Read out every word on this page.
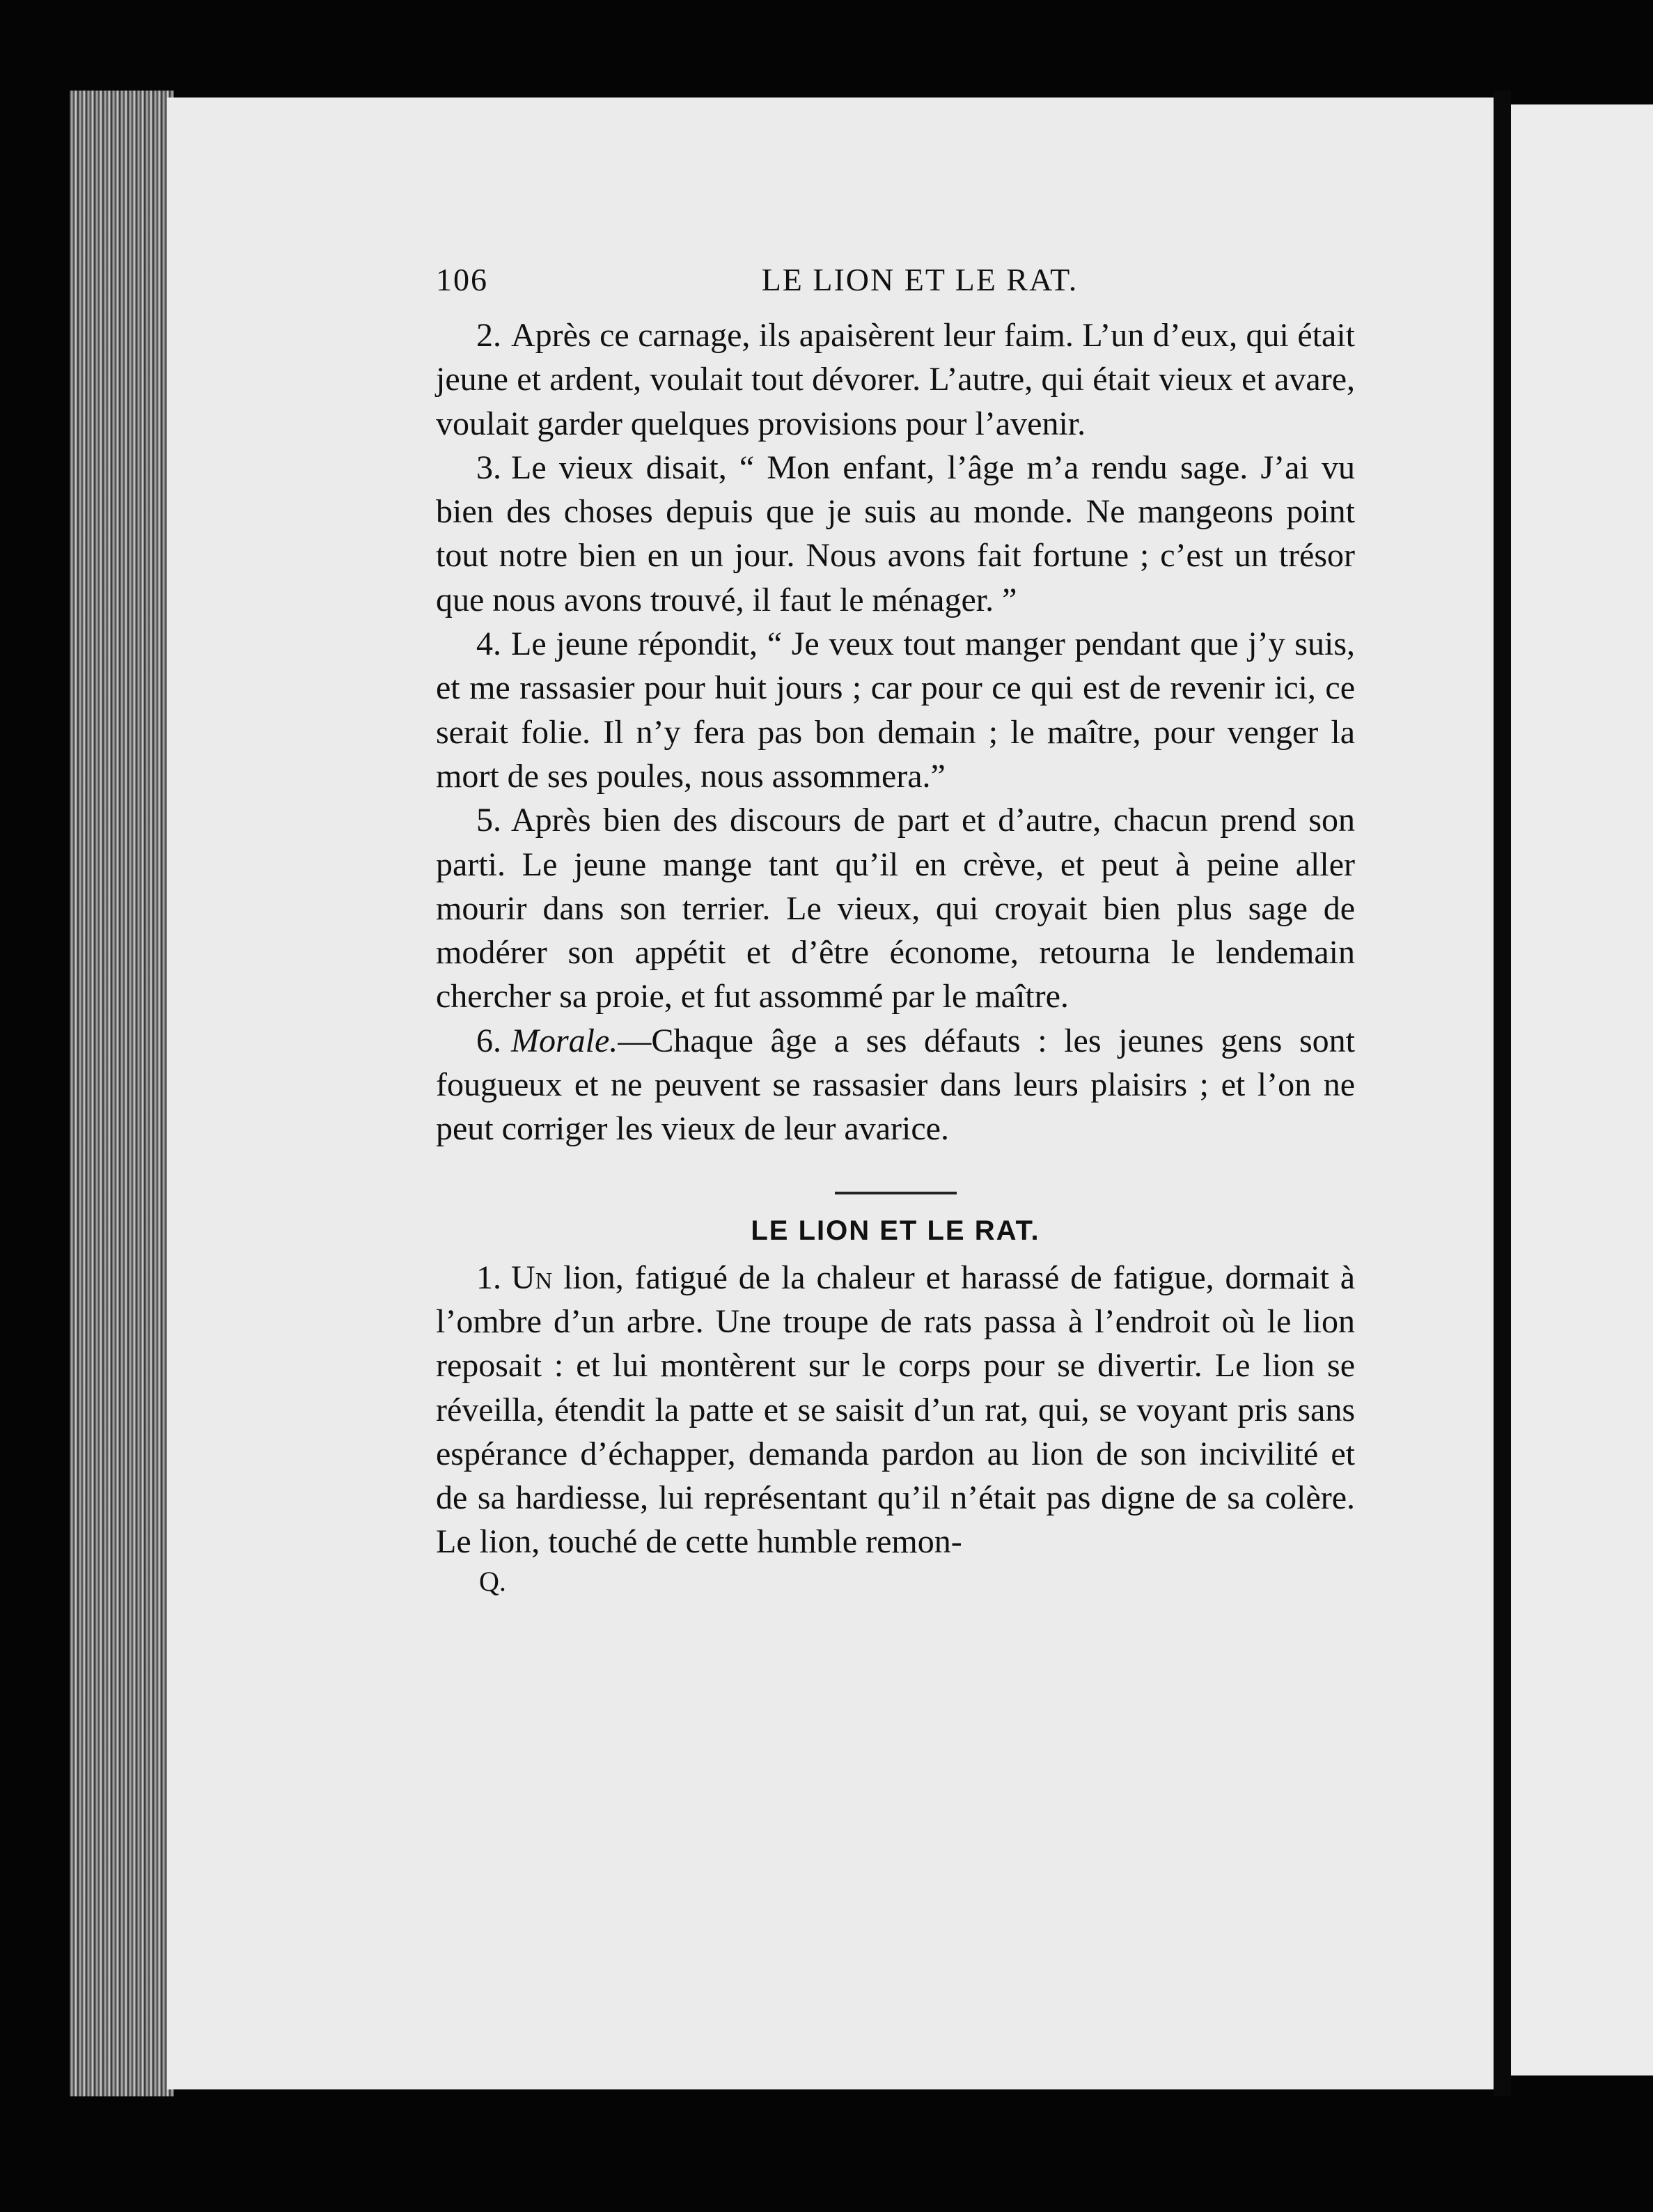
106	LE LION ET LE RAT.

2. Après ce carnage, ils apaisèrent leur faim. L’un d’eux, qui était jeune et ardent, voulait tout dévorer. L’autre, qui était vieux et avare, voulait garder quelques provisions pour l’avenir.

3. Le vieux disait, “ Mon enfant, l’âge m’a rendu sage. J’ai vu bien des choses depuis que je suis au monde. Ne mangeons point tout notre bien en un jour. Nous avons fait fortune ; c’est un trésor que nous avons trouvé, il faut le ménager. ”

4. Le jeune répondit, “ Je veux tout manger pendant que j’y suis, et me rassasier pour huit jours ; car pour ce qui est de revenir ici, ce serait folie. Il n’y fera pas bon demain ; le maître, pour venger la mort de ses poules, nous assommera.”

5. Après bien des discours de part et d’autre, chacun prend son parti. Le jeune mange tant qu’il en crève, et peut à peine aller mourir dans son terrier. Le vieux, qui croyait bien plus sage de modérer son appétit et d’être économe, retourna le lendemain chercher sa proie, et fut assommé par le maître.

6. Morale.—Chaque âge a ses défauts : les jeunes gens sont fougueux et ne peuvent se rassasier dans leurs plaisirs ; et l’on ne peut corriger les vieux de leur avarice.

LE LION ET LE RAT.

1. Un lion, fatigué de la chaleur et harassé de fatigue, dormait à l’ombre d’un arbre. Une troupe de rats passa à l’endroit où le lion reposait : et lui montèrent sur le corps pour se divertir. Le lion se réveilla, étendit la patte et se saisit d’un rat, qui, se voyant pris sans espérance d’échapper, demanda pardon au lion de son incivilité et de sa hardiesse, lui représentant qu’il n’était pas digne de sa colère. Le lion, touché de cette humble remon-

Q.
